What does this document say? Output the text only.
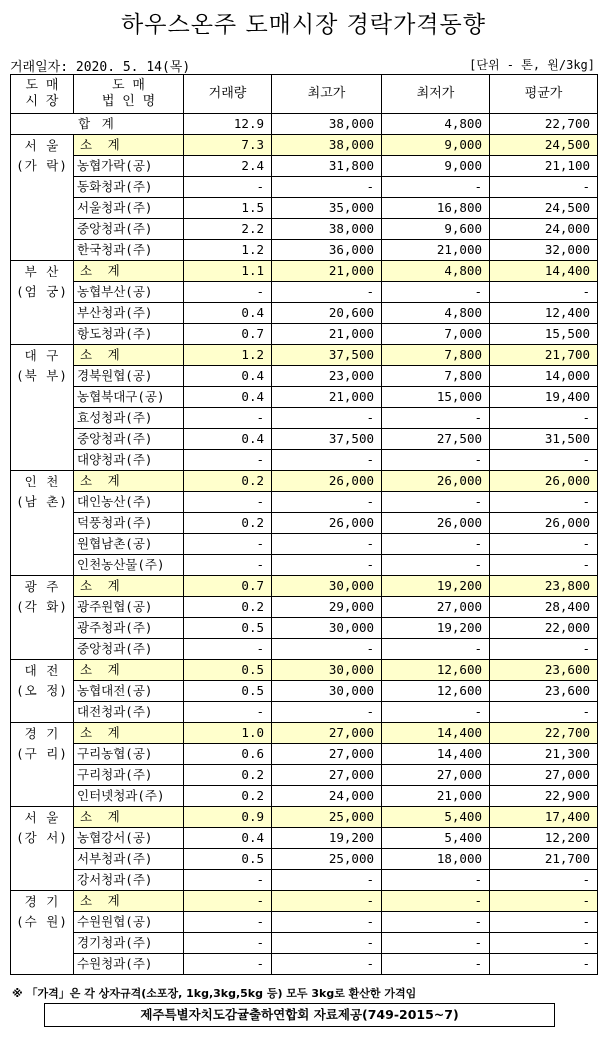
하우스온주 도매시장 경락가격동향
거래일자: 2020. 5. 14(목)	[단위 - 톤, 원/3kg]
도 매
시 장	도 매
법 인 명	거래량	최고가	최저가	평균가
합 계		12.9	38,000	4,800	22,700

서 울
(가 락)	소 계	7.3	38,000	9,000	24,500
	농협가락(공)	2.4	31,800	9,000	21,100
	동화청과(주)	-	-	-	-
	서울청과(주)	1.5	35,000	16,800	24,500
	중앙청과(주)	2.2	38,000	9,600	24,000
	한국청과(주)	1.2	36,000	21,000	32,000

부 산
(엄 궁)	소 계	1.1	21,000	4,800	14,400
	농협부산(공)	-	-	-	-
	부산청과(주)	0.4	20,600	4,800	12,400
	항도청과(주)	0.7	21,000	7,000	15,500

대 구
(북 부)	소 계	1.2	37,500	7,800	21,700
	경북원협(공)	0.4	23,000	7,800	14,000
	농협북대구(공)	0.4	21,000	15,000	19,400
	효성청과(주)	-	-	-	-
	중앙청과(주)	0.4	37,500	27,500	31,500
	대양청과(주)	-	-	-	-

인 천
(남 촌)	소 계	0.2	26,000	26,000	26,000
	대인농산(주)	-	-	-	-
	덕풍청과(주)	0.2	26,000	26,000	26,000
	원협남촌(공)	-	-	-	-
	인천농산물(주)	-	-	-	-

광 주
(각 화)	소 계	0.7	30,000	19,200	23,800
	광주원협(공)	0.2	29,000	27,000	28,400
	광주청과(주)	0.5	30,000	19,200	22,000
	중앙청과(주)	-	-	-	-

대 전
(오 정)	소 계	0.5	30,000	12,600	23,600
	농협대전(공)	0.5	30,000	12,600	23,600
	대전청과(주)	-	-	-	-

경 기
(구 리)	소 계	1.0	27,000	14,400	22,700
	구리농협(공)	0.6	27,000	14,400	21,300
	구리청과(주)	0.2	27,000	27,000	27,000
	인터넷청과(주)	0.2	24,000	21,000	22,900

서 울
(강 서)	소 계	0.9	25,000	5,400	17,400
	농협강서(공)	0.4	19,200	5,400	12,200
	서부청과(주)	0.5	25,000	18,000	21,700
	강서청과(주)	-	-	-	-

경 기
(수 원)	소 계	-	-	-	-
	수원원협(공)	-	-	-	-
	경기청과(주)	-	-	-	-
	수원청과(주)	-	-	-	-
※ 「가격」은 각 상자규격(소포장, 1kg,3kg,5kg 등) 모두 3kg로 환산한 가격임
제주특별자치도감귤출하연합회 자료제공(749-2015~7)
